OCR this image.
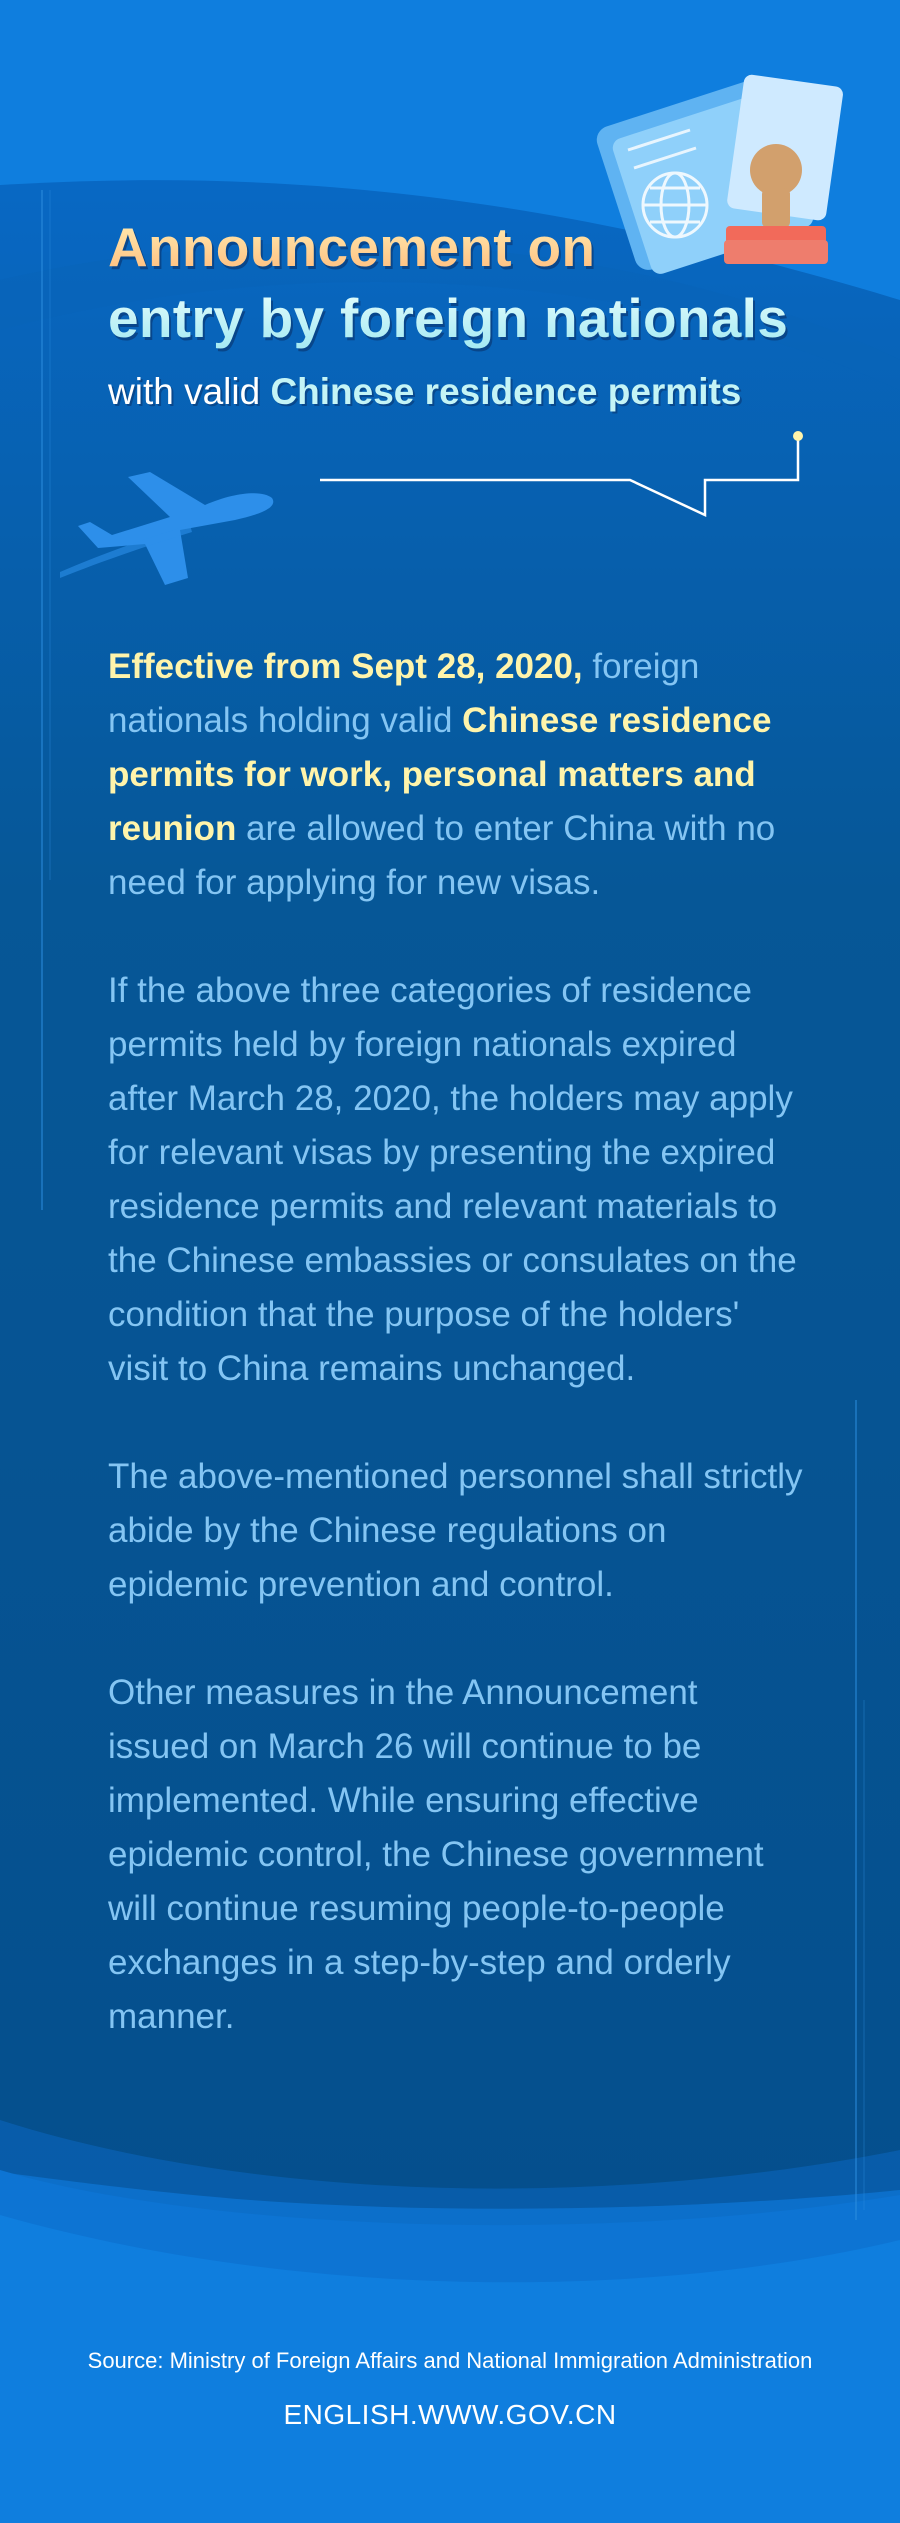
Announcement on
entry by foreign nationals
with valid Chinese residence permits

Effective from Sept 28, 2020, foreign nationals holding valid Chinese residence permits for work, personal matters and reunion are allowed to enter China with no need for applying for new visas.

If the above three categories of residence permits held by foreign nationals expired after March 28, 2020, the holders may apply for relevant visas by presenting the expired residence permits and relevant materials to the Chinese embassies or consulates on the condition that the purpose of the holders' visit to China remains unchanged.

The above-mentioned personnel shall strictly abide by the Chinese regulations on epidemic prevention and control.

Other measures in the Announcement issued on March 26 will continue to be implemented. While ensuring effective epidemic control, the Chinese government will continue resuming people-to-people exchanges in a step-by-step and orderly manner.

Source: Ministry of Foreign Affairs and National Immigration Administration
ENGLISH.WWW.GOV.CN
